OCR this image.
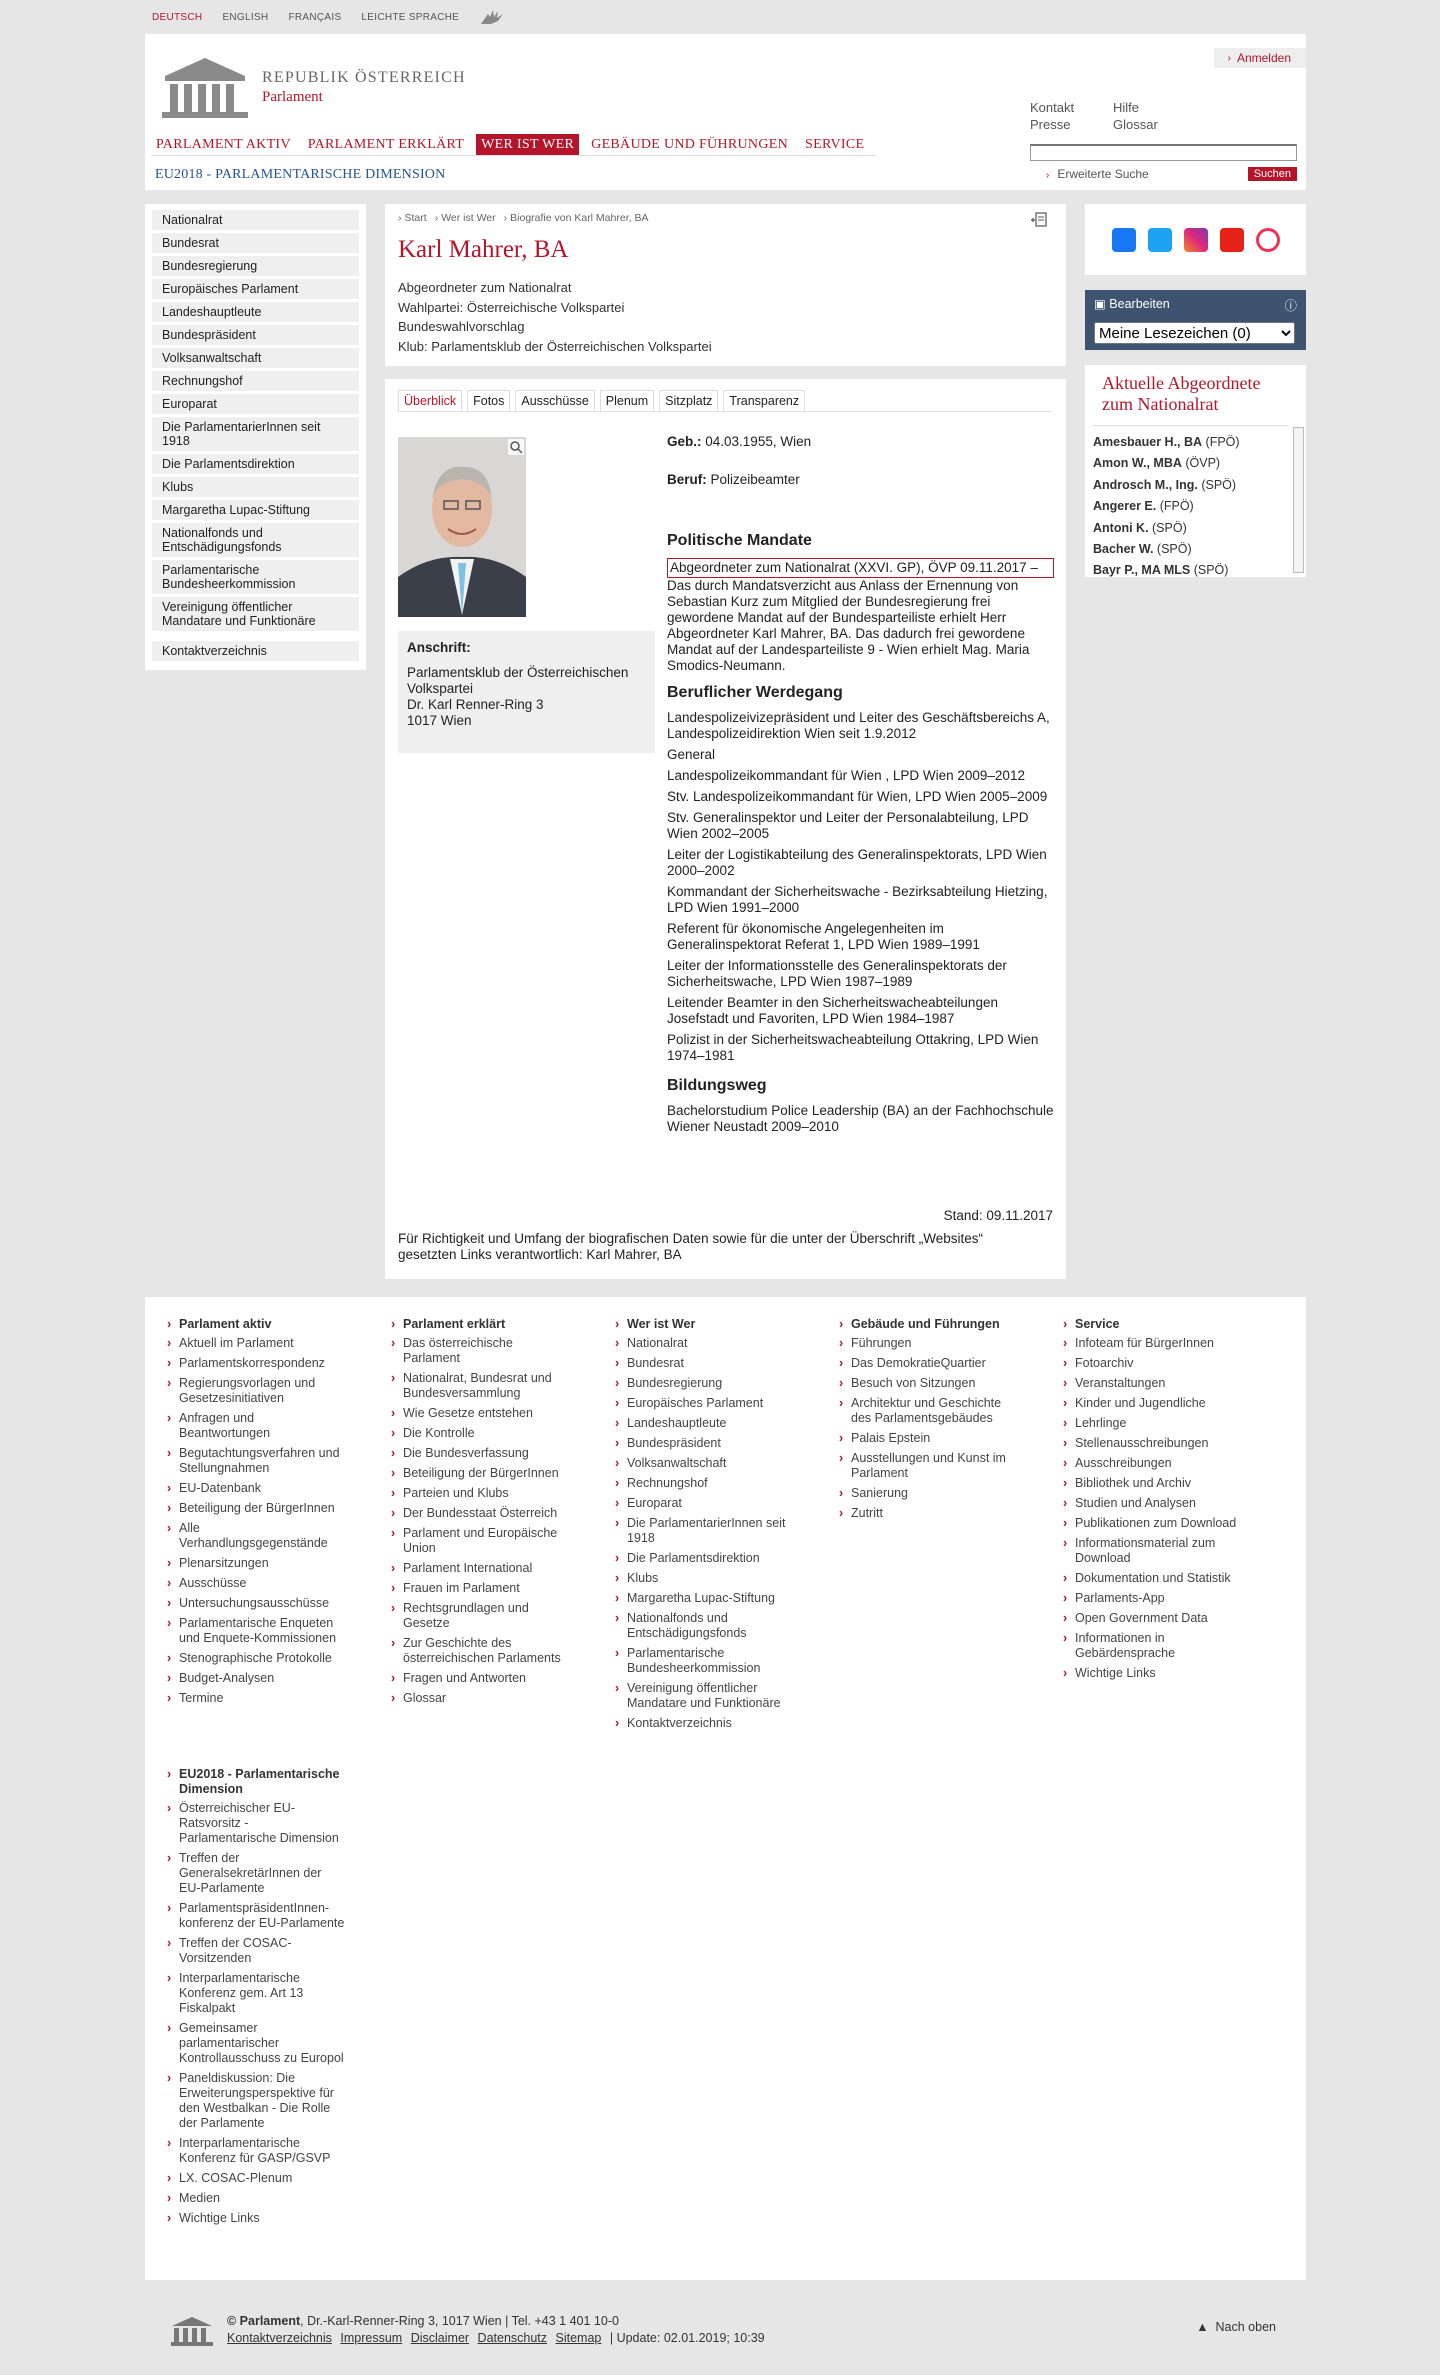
DEUTSCH ENGLISH FRANÇAIS LEICHTE SPRACHE
REPUBLIK ÖSTERREICH
Parlament
› Anmelden
Kontakt	Hilfe
Presse	Glossar
› Erweiterte Suche	Suchen
PARLAMENT AKTIV	PARLAMENT ERKLÄRT	WER IST WER	GEBÄUDE UND FÜHRUNGEN	SERVICE
EU2018 - PARLAMENTARISCHE DIMENSION
Nationalrat
Bundesrat
Bundesregierung
Europäisches Parlament
Landeshauptleute
Bundespräsident
Volksanwaltschaft
Rechnungshof
Europarat
Die ParlamentarierInnen seit 1918
Die Parlamentsdirektion
Klubs
Margaretha Lupac-Stiftung
Nationalfonds und Entschädigungsfonds
Parlamentarische Bundesheerkommission
Vereinigung öffentlicher Mandatare und Funktionäre
Kontaktverzeichnis
› Start	› Wer ist Wer	› Biografie von Karl Mahrer, BA
Karl Mahrer, BA
Abgeordneter zum Nationalrat
Wahlpartei: Österreichische Volkspartei
Bundeswahlvorschlag
Klub: Parlamentsklub der Österreichischen Volkspartei
Überblick	Fotos	Ausschüsse	Plenum	Sitzplatz	Transparenz
Anschrift:
Parlamentsklub der Österreichischen Volkspartei
Dr. Karl Renner-Ring 3
1017 Wien
Geb.: 04.03.1955, Wien
Beruf: Polizeibeamter
Politische Mandate
Abgeordneter zum Nationalrat (XXVI. GP), ÖVP 09.11.2017 –
Das durch Mandatsverzicht aus Anlass der Ernennung von Sebastian Kurz zum Mitglied der Bundesregierung frei gewordene Mandat auf der Bundesparteiliste erhielt Herr Abgeordneter Karl Mahrer, BA. Das dadurch frei gewordene Mandat auf der Landesparteiliste 9 - Wien erhielt Mag. Maria Smodics-Neumann.
Beruflicher Werdegang
Landespolizeivizepräsident und Leiter des Geschäftsbereichs A, Landespolizeidirektion Wien seit 1.9.2012
General
Landespolizeikommandant für Wien , LPD Wien 2009–2012
Stv. Landespolizeikommandant für Wien, LPD Wien 2005–2009
Stv. Generalinspektor und Leiter der Personalabteilung, LPD Wien 2002–2005
Leiter der Logistikabteilung des Generalinspektorats, LPD Wien 2000–2002
Kommandant der Sicherheitswache - Bezirksabteilung Hietzing, LPD Wien 1991–2000
Referent für ökonomische Angelegenheiten im Generalinspektorat Referat 1, LPD Wien 1989–1991
Leiter der Informationsstelle des Generalinspektorats der Sicherheitswache, LPD Wien 1987–1989
Leitender Beamter in den Sicherheitswacheabteilungen Josefstadt und Favoriten, LPD Wien 1984–1987
Polizist in der Sicherheitswacheabteilung Ottakring, LPD Wien 1974–1981
Bildungsweg
Bachelorstudium Police Leadership (BA) an der Fachhochschule Wiener Neustadt 2009–2010
Stand: 09.11.2017
Für Richtigkeit und Umfang der biografischen Daten sowie für die unter der Überschrift „Websites“ gesetzten Links verantwortlich: Karl Mahrer, BA
▣ Bearbeiten	ⓘ
Meine Lesezeichen (0)
Aktuelle Abgeordnete zum Nationalrat
Amesbauer H., BA (FPÖ)
Amon W., MBA (ÖVP)
Androsch M., Ing. (SPÖ)
Angerer E. (FPÖ)
Antoni K. (SPÖ)
Bacher W. (SPÖ)
Bayr P., MA MLS (SPÖ)
› Parlament aktiv
› Aktuell im Parlament
› Parlamentskorrespondenz
› Regierungsvorlagen und Gesetzesinitiativen
› Anfragen und Beantwortungen
› Begutachtungsverfahren und Stellungnahmen
› EU-Datenbank
› Beteiligung der BürgerInnen
› Alle Verhandlungsgegenstände
› Plenarsitzungen
› Ausschüsse
› Untersuchungsausschüsse
› Parlamentarische Enqueten und Enquete-Kommissionen
› Stenographische Protokolle
› Budget-Analysen
› Termine
› Parlament erklärt
› Das österreichische Parlament
› Nationalrat, Bundesrat und Bundesversammlung
› Wie Gesetze entstehen
› Die Kontrolle
› Die Bundesverfassung
› Beteiligung der BürgerInnen
› Parteien und Klubs
› Der Bundesstaat Österreich
› Parlament und Europäische Union
› Parlament International
› Frauen im Parlament
› Rechtsgrundlagen und Gesetze
› Zur Geschichte des österreichischen Parlaments
› Fragen und Antworten
› Glossar
› Wer ist Wer
› Nationalrat
› Bundesrat
› Bundesregierung
› Europäisches Parlament
› Landeshauptleute
› Bundespräsident
› Volksanwaltschaft
› Rechnungshof
› Europarat
› Die ParlamentarierInnen seit 1918
› Die Parlamentsdirektion
› Klubs
› Margaretha Lupac-Stiftung
› Nationalfonds und Entschädigungsfonds
› Parlamentarische Bundesheerkommission
› Vereinigung öffentlicher Mandatare und Funktionäre
› Kontaktverzeichnis
› Gebäude und Führungen
› Führungen
› Das DemokratieQuartier
› Besuch von Sitzungen
› Architektur und Geschichte des Parlamentsgebäudes
› Palais Epstein
› Ausstellungen und Kunst im Parlament
› Sanierung
› Zutritt
› Service
› Infoteam für BürgerInnen
› Fotoarchiv
› Veranstaltungen
› Kinder und Jugendliche
› Lehrlinge
› Stellenausschreibungen
› Ausschreibungen
› Bibliothek und Archiv
› Studien und Analysen
› Publikationen zum Download
› Informationsmaterial zum Download
› Dokumentation und Statistik
› Parlaments-App
› Open Government Data
› Informationen in Gebärdensprache
› Wichtige Links
› EU2018 - Parlamentarische Dimension
› Österreichischer EU-Ratsvorsitz - Parlamentarische Dimension
› Treffen der GeneralsekretärInnen der EU-Parlamente
› ParlamentspräsidentInnen-konferenz der EU-Parlamente
› Treffen der COSAC-Vorsitzenden
› Interparlamentarische Konferenz gem. Art 13 Fiskalpakt
› Gemeinsamer parlamentarischer Kontrollausschuss zu Europol
› Paneldiskussion: Die Erweiterungsperspektive für den Westbalkan - Die Rolle der Parlamente
› Interparlamentarische Konferenz für GASP/GSVP
› LX. COSAC-Plenum
› Medien
› Wichtige Links
© Parlament, Dr.-Karl-Renner-Ring 3, 1017 Wien | Tel. +43 1 401 10-0
Kontaktverzeichnis Impressum Disclaimer Datenschutz Sitemap | Update: 02.01.2019; 10:39
▲  Nach oben
